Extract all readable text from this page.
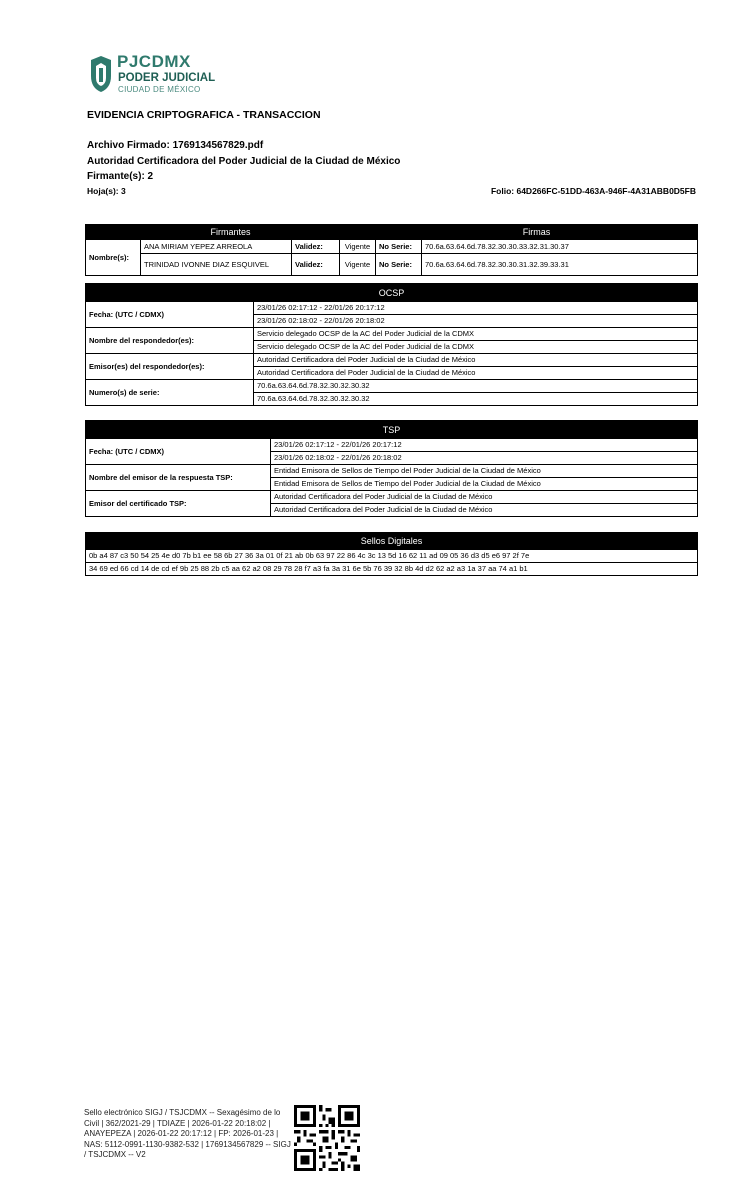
PJCDMX
PODER JUDICIAL
CIUDAD DE MÉXICO
EVIDENCIA CRIPTOGRAFICA - TRANSACCION
Archivo Firmado: 1769134567829.pdf
Autoridad Certificadora del Poder Judicial de la Ciudad de México
Firmante(s): 2
Hoja(s): 3	Folio: 64D266FC-51DD-463A-946F-4A31ABB0D5FB
Firmantes				Firmas	
Nombre(s):	ANA MIRIAM YEPEZ ARREOLA	Validez:	Vigente	No Serie:	70.6a.63.64.6d.78.32.30.30.33.32.31.30.37
	TRINIDAD IVONNE DIAZ ESQUIVEL	Validez:	Vigente	No Serie:	70.6a.63.64.6d.78.32.30.30.31.32.39.33.31
OCSP	
Fecha: (UTC / CDMX)	23/01/26 02:17:12 - 22/01/26 20:17:12
	23/01/26 02:18:02 - 22/01/26 20:18:02
Nombre del respondedor(es):	Servicio delegado OCSP de la AC del Poder Judicial de la CDMX
	Servicio delegado OCSP de la AC del Poder Judicial de la CDMX
Emisor(es) del respondedor(es):	Autoridad Certificadora del Poder Judicial de la Ciudad de México
	Autoridad Certificadora del Poder Judicial de la Ciudad de México
Numero(s) de serie:	70.6a.63.64.6d.78.32.30.32.30.32
	70.6a.63.64.6d.78.32.30.32.30.32
TSP	
Fecha: (UTC / CDMX)	23/01/26 02:17:12 - 22/01/26 20:17:12
	23/01/26 02:18:02 - 22/01/26 20:18:02
Nombre del emisor de la respuesta TSP:	Entidad Emisora de Sellos de Tiempo del Poder Judicial de la Ciudad de México
	Entidad Emisora de Sellos de Tiempo del Poder Judicial de la Ciudad de México
Emisor del certificado TSP:	Autoridad Certificadora del Poder Judicial de la Ciudad de México
	Autoridad Certificadora del Poder Judicial de la Ciudad de México
Sellos Digitales
0b a4 87 c3 50 54 25 4e d0 7b b1 ee 58 6b 27 36 3a 01 0f 21 ab 0b 63 97 22 86 4c 3c 13 5d 16 62 11 ad 09 05 36 d3 d5 e6 97 2f 7e
34 69 ed 66 cd 14 de cd ef 9b 25 88 2b c5 aa 62 a2 08 29 78 28 f7 a3 fa 3a 31 6e 5b 76 39 32 8b 4d d2 62 a2 a3 1a 37 aa 74 a1 b1
Sello electrónico SIGJ / TSJCDMX -- Sexagésimo de lo Civil | 362/2021-29 | TDIAZE | 2026-01-22 20:18:02 | ANAYEPEZA | 2026-01-22 20:17:12 | FP: 2026-01-23 | NAS: 5112-0991-1130-9382-532 | 1769134567829 -- SIGJ / TSJCDMX -- V2
